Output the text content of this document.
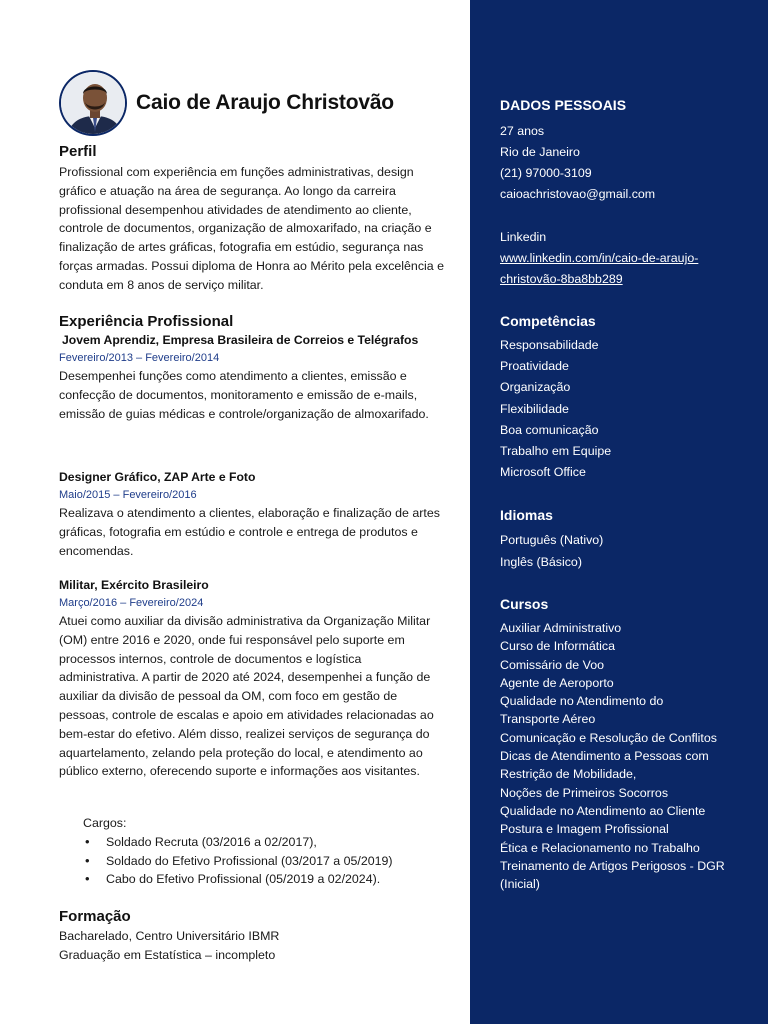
Caio de Araujo Christovão
Perfil
Profissional com experiência em funções administrativas, design gráfico e atuação na área de segurança. Ao longo da carreira profissional desempenhou atividades de atendimento ao cliente, controle de documentos, organização de almoxarifado, na criação e finalização de artes gráficas, fotografia em estúdio, segurança nas forças armadas. Possui diploma de Honra ao Mérito pela excelência e conduta em 8 anos de serviço militar.
Experiência Profissional
Jovem Aprendiz, Empresa Brasileira de Correios e Telégrafos
Fevereiro/2013 – Fevereiro/2014
Desempenhei funções como atendimento a clientes, emissão e confecção de documentos, monitoramento e emissão de e-mails, emissão de guias médicas e controle/organização de almoxarifado.
Designer Gráfico, ZAP Arte e Foto
Maio/2015 – Fevereiro/2016
Realizava o atendimento a clientes, elaboração e finalização de artes gráficas, fotografia em estúdio e controle e entrega de produtos e encomendas.
Militar, Exército Brasileiro
Março/2016 – Fevereiro/2024
Atuei como auxiliar da divisão administrativa da Organização Militar (OM) entre 2016 e 2020, onde fui responsável pelo suporte em processos internos, controle de documentos e logística administrativa. A partir de 2020 até 2024, desempenhei a função de auxiliar da divisão de pessoal da OM, com foco em gestão de pessoas, controle de escalas e apoio em atividades relacionadas ao bem-estar do efetivo. Além disso, realizei serviços de segurança do aquartelamento, zelando pela proteção do local, e atendimento ao público externo, oferecendo suporte e informações aos visitantes.
Cargos:
• Soldado Recruta (03/2016 a 02/2017),
• Soldado do Efetivo Profissional (03/2017 a 05/2019)
• Cabo do Efetivo Profissional (05/2019 a 02/2024).
Formação
Bacharelado, Centro Universitário IBMR
Graduação em Estatística – incompleto
DADOS PESSOAIS
27 anos
Rio de Janeiro
(21) 97000-3109
caioachristovao@gmail.com
Linkedin
www.linkedin.com/in/caio-de-araujo-
christovão-8ba8bb289
Competências
Responsabilidade
Proatividade
Organização
Flexibilidade
Boa comunicação
Trabalho em Equipe
Microsoft Office
Idiomas
Português (Nativo)
Inglês (Básico)
Cursos
Auxiliar Administrativo
Curso de Informática
Comissário de Voo
Agente de Aeroporto
Qualidade no Atendimento do
Transporte Aéreo
Comunicação e Resolução de Conflitos
Dicas de Atendimento a Pessoas com
Restrição de Mobilidade,
Noções de Primeiros Socorros
Qualidade no Atendimento ao Cliente
Postura e Imagem Profissional
Ética e Relacionamento no Trabalho
Treinamento de Artigos Perigosos - DGR
(Inicial)
